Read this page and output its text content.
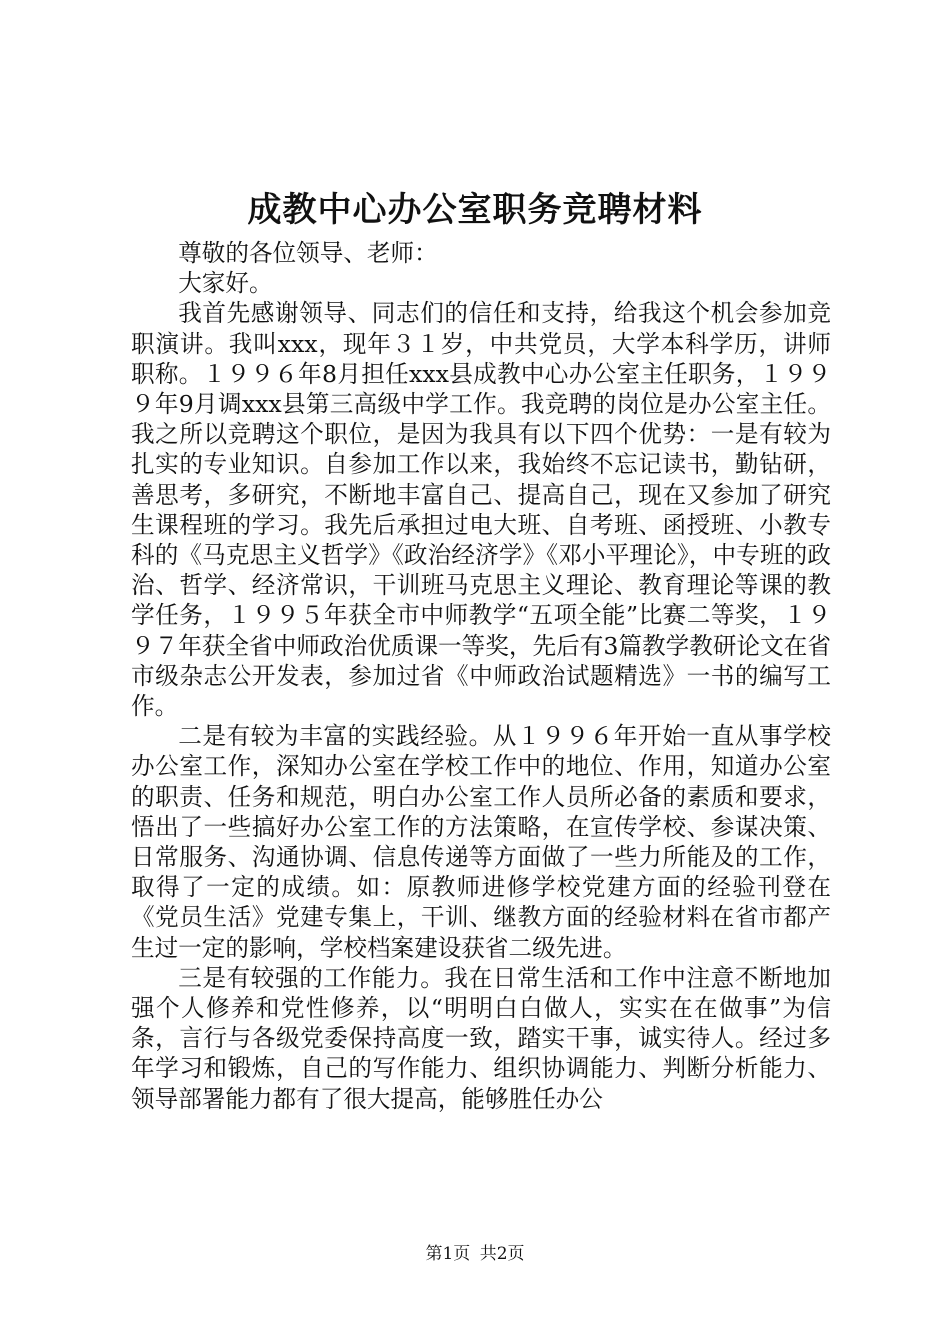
成教中心办公室职务竞聘材料

尊敬的各位领导、老师：

大家好。

我首先感谢领导、同志们的信任和支持，给我这个机会参加竞职演讲。我叫xxx，现年３１岁，中共党员，大学本科学历，讲师职称。１９９６年8月担任xxx县成教中心办公室主任职务，１９９９年9月调xxx县第三高级中学工作。我竞聘的岗位是办公室主任。我之所以竞聘这个职位，是因为我具有以下四个优势：一是有较为扎实的专业知识。自参加工作以来，我始终不忘记读书，勤钻研，善思考，多研究，不断地丰富自己、提高自己，现在又参加了研究生课程班的学习。我先后承担过电大班、自考班、函授班、小教专科的《马克思主义哲学》《政治经济学》《邓小平理论》，中专班的政治、哲学、经济常识，干训班马克思主义理论、教育理论等课的教学任务，１９９５年获全市中师教学“五项全能”比赛二等奖，１９９７年获全省中师政治优质课一等奖，先后有3篇教学教研论文在省市级杂志公开发表，参加过省《中师政治试题精选》一书的编写工作。

二是有较为丰富的实践经验。从１９９６年开始一直从事学校办公室工作，深知办公室在学校工作中的地位、作用，知道办公室的职责、任务和规范，明白办公室工作人员所必备的素质和要求，悟出了一些搞好办公室工作的方法策略，在宣传学校、参谋决策、日常服务、沟通协调、信息传递等方面做了一些力所能及的工作，取得了一定的成绩。如：原教师进修学校党建方面的经验刊登在《党员生活》党建专集上，干训、继教方面的经验材料在省市都产生过一定的影响，学校档案建设获省二级先进。

三是有较强的工作能力。我在日常生活和工作中注意不断地加强个人修养和党性修养，以“明明白白做人，实实在在做事”为信条，言行与各级党委保持高度一致，踏实干事，诚实待人。经过多年学习和锻炼，自己的写作能力、组织协调能力、判断分析能力、领导部署能力都有了很大提高，能够胜任办公

第1页 共2页
